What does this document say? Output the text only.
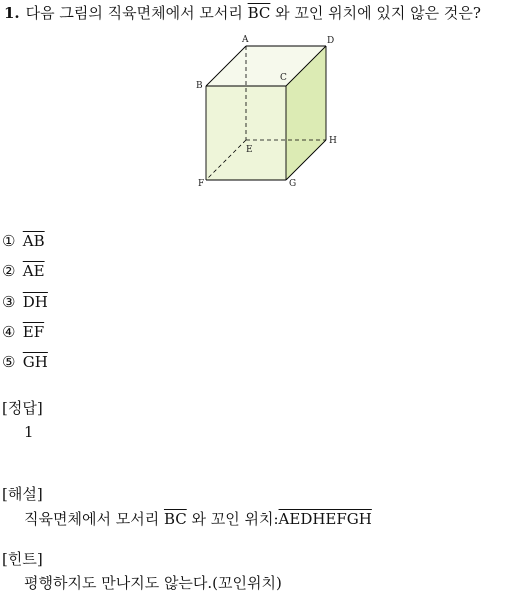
1. 다음 그림의 직육면체에서 모서리 $\overline{BC}$ 와 꼬인 위치에 있지 않은 것은?
A	D
B
C
E
H
F	G
① $\overline{AB}$
② $\overline{AE}$
③ $\overline{DH}$
④ $\overline{EF}$
⑤ $\overline{GH}$
[정답]
1
[해설]
직육면체에서 모서리 $\overline{BC}$ 와 꼬인 위치:AEDHEFGH
[힌트]
평행하지도 만나지도 않는다.(꼬인위치)
